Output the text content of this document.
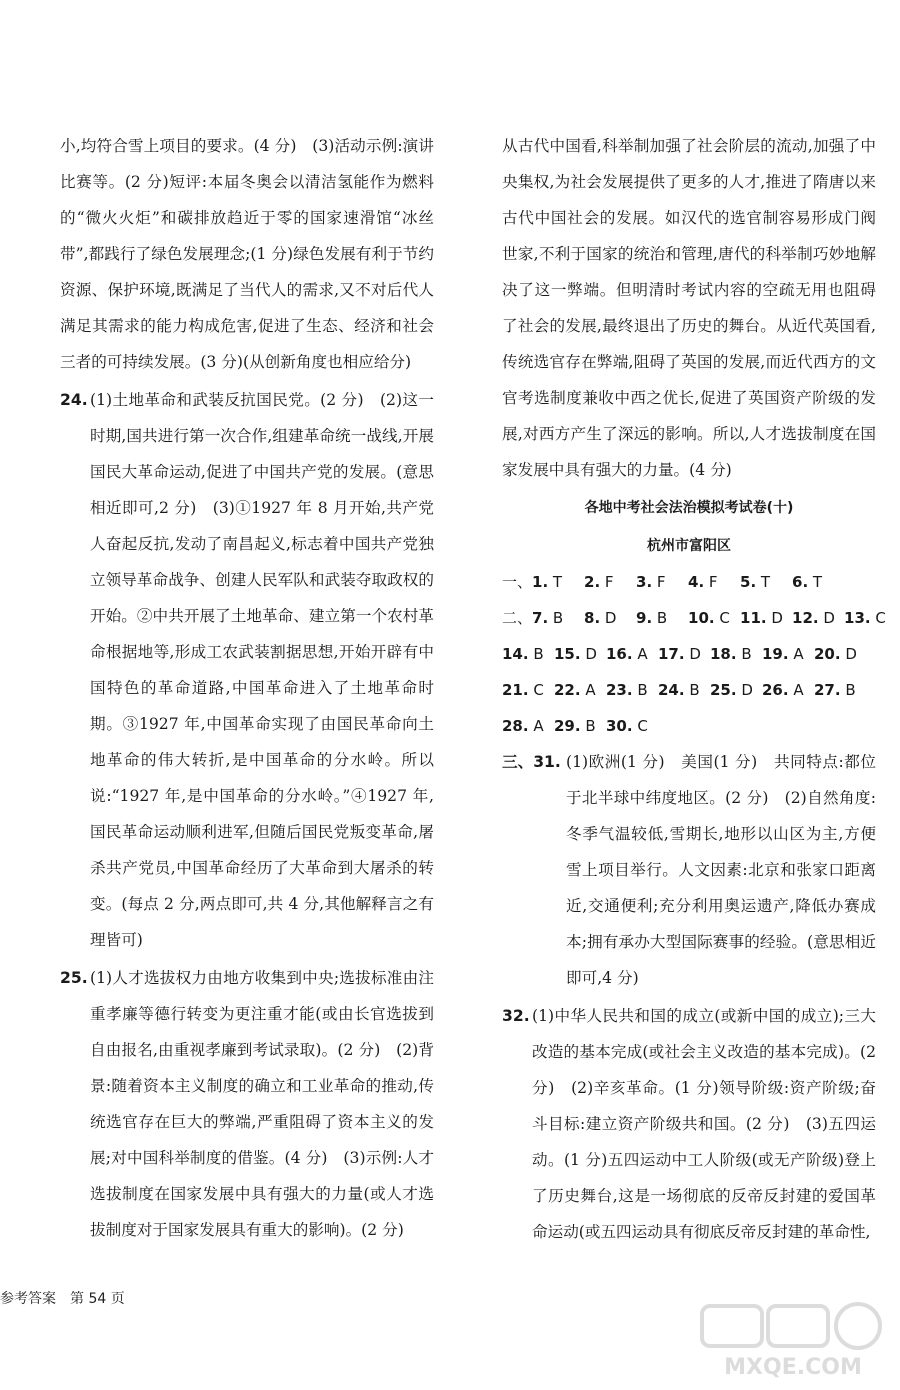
小,均符合雪上项目的要求。(4 分)　(3)活动示例:演讲比赛等。(2 分)短评:本届冬奥会以清洁氢能作为燃料的“微火火炬”和碳排放趋近于零的国家速滑馆“冰丝带”,都践行了绿色发展理念;(1 分)绿色发展有利于节约资源、保护环境,既满足了当代人的需求,又不对后代人满足其需求的能力构成危害,促进了生态、经济和社会三者的可持续发展。(3 分)(从创新角度也相应给分)

24. (1)土地革命和武装反抗国民党。(2 分)　(2)这一时期,国共进行第一次合作,组建革命统一战线,开展国民大革命运动,促进了中国共产党的发展。(意思相近即可,2 分)　(3)①1927 年 8 月开始,共产党人奋起反抗,发动了南昌起义,标志着中国共产党独立领导革命战争、创建人民军队和武装夺取政权的开始。②中共开展了土地革命、建立第一个农村革命根据地等,形成工农武装割据思想,开始开辟有中国特色的革命道路,中国革命进入了土地革命时期。③1927 年,中国革命实现了由国民革命向土地革命的伟大转折,是中国革命的分水岭。所以说:“1927 年,是中国革命的分水岭。”④1927 年,国民革命运动顺利进军,但随后国民党叛变革命,屠杀共产党员,中国革命经历了大革命到大屠杀的转变。(每点 2 分,两点即可,共 4 分,其他解释言之有理皆可)
25. (1)人才选拔权力由地方收集到中央;选拔标准由注重孝廉等德行转变为更注重才能(或由长官选拔到自由报名,由重视孝廉到考试录取)。(2 分)　(2)背景:随着资本主义制度的确立和工业革命的推动,传统选官存在巨大的弊端,严重阻碍了资本主义的发展;对中国科举制度的借鉴。(4 分)　(3)示例:人才选拔制度在国家发展中具有强大的力量(或人才选拔制度对于国家发展具有重大的影响)。(2 分)

从古代中国看,科举制加强了社会阶层的流动,加强了中央集权,为社会发展提供了更多的人才,推进了隋唐以来古代中国社会的发展。如汉代的选官制容易形成门阀世家,不利于国家的统治和管理,唐代的科举制巧妙地解决了这一弊端。但明清时考试内容的空疏无用也阻碍了社会的发展,最终退出了历史的舞台。从近代英国看,传统选官存在弊端,阻碍了英国的发展,而近代西方的文官考选制度兼收中西之优长,促进了英国资产阶级的发展,对西方产生了深远的影响。所以,人才选拔制度在国家发展中具有强大的力量。(4 分)

各地中考社会法治模拟考试卷(十)
杭州市富阳区
一、1. T 2. F 3. F 4. F 5. T 6. T
二、7. B 8. D 9. B 10. C 11. D 12. D 13. C
14. B 15. D 16. A 17. D 18. B 19. A 20. D
21. C 22. A 23. B 24. B 25. D 26. A 27. B
28. A 29. B 30. C
三、31. (1)欧洲(1 分)　美国(1 分)　共同特点:都位于北半球中纬度地区。(2 分)　(2)自然角度:冬季气温较低,雪期长,地形以山区为主,方便雪上项目举行。人文因素:北京和张家口距离近,交通便利;充分利用奥运遗产,降低办赛成本;拥有承办大型国际赛事的经验。(意思相近即可,4 分)
32. (1)中华人民共和国的成立(或新中国的成立);三大改造的基本完成(或社会主义改造的基本完成)。(2 分)　(2)辛亥革命。(1 分)领导阶级:资产阶级;奋斗目标:建立资产阶级共和国。(2 分)　(3)五四运动。(1 分)五四运动中工人阶级(或无产阶级)登上了历史舞台,这是一场彻底的反帝反封建的爱国革命运动(或五四运动具有彻底反帝反封建的革命性,
参考答案　第 54 页
MXQE.COM
